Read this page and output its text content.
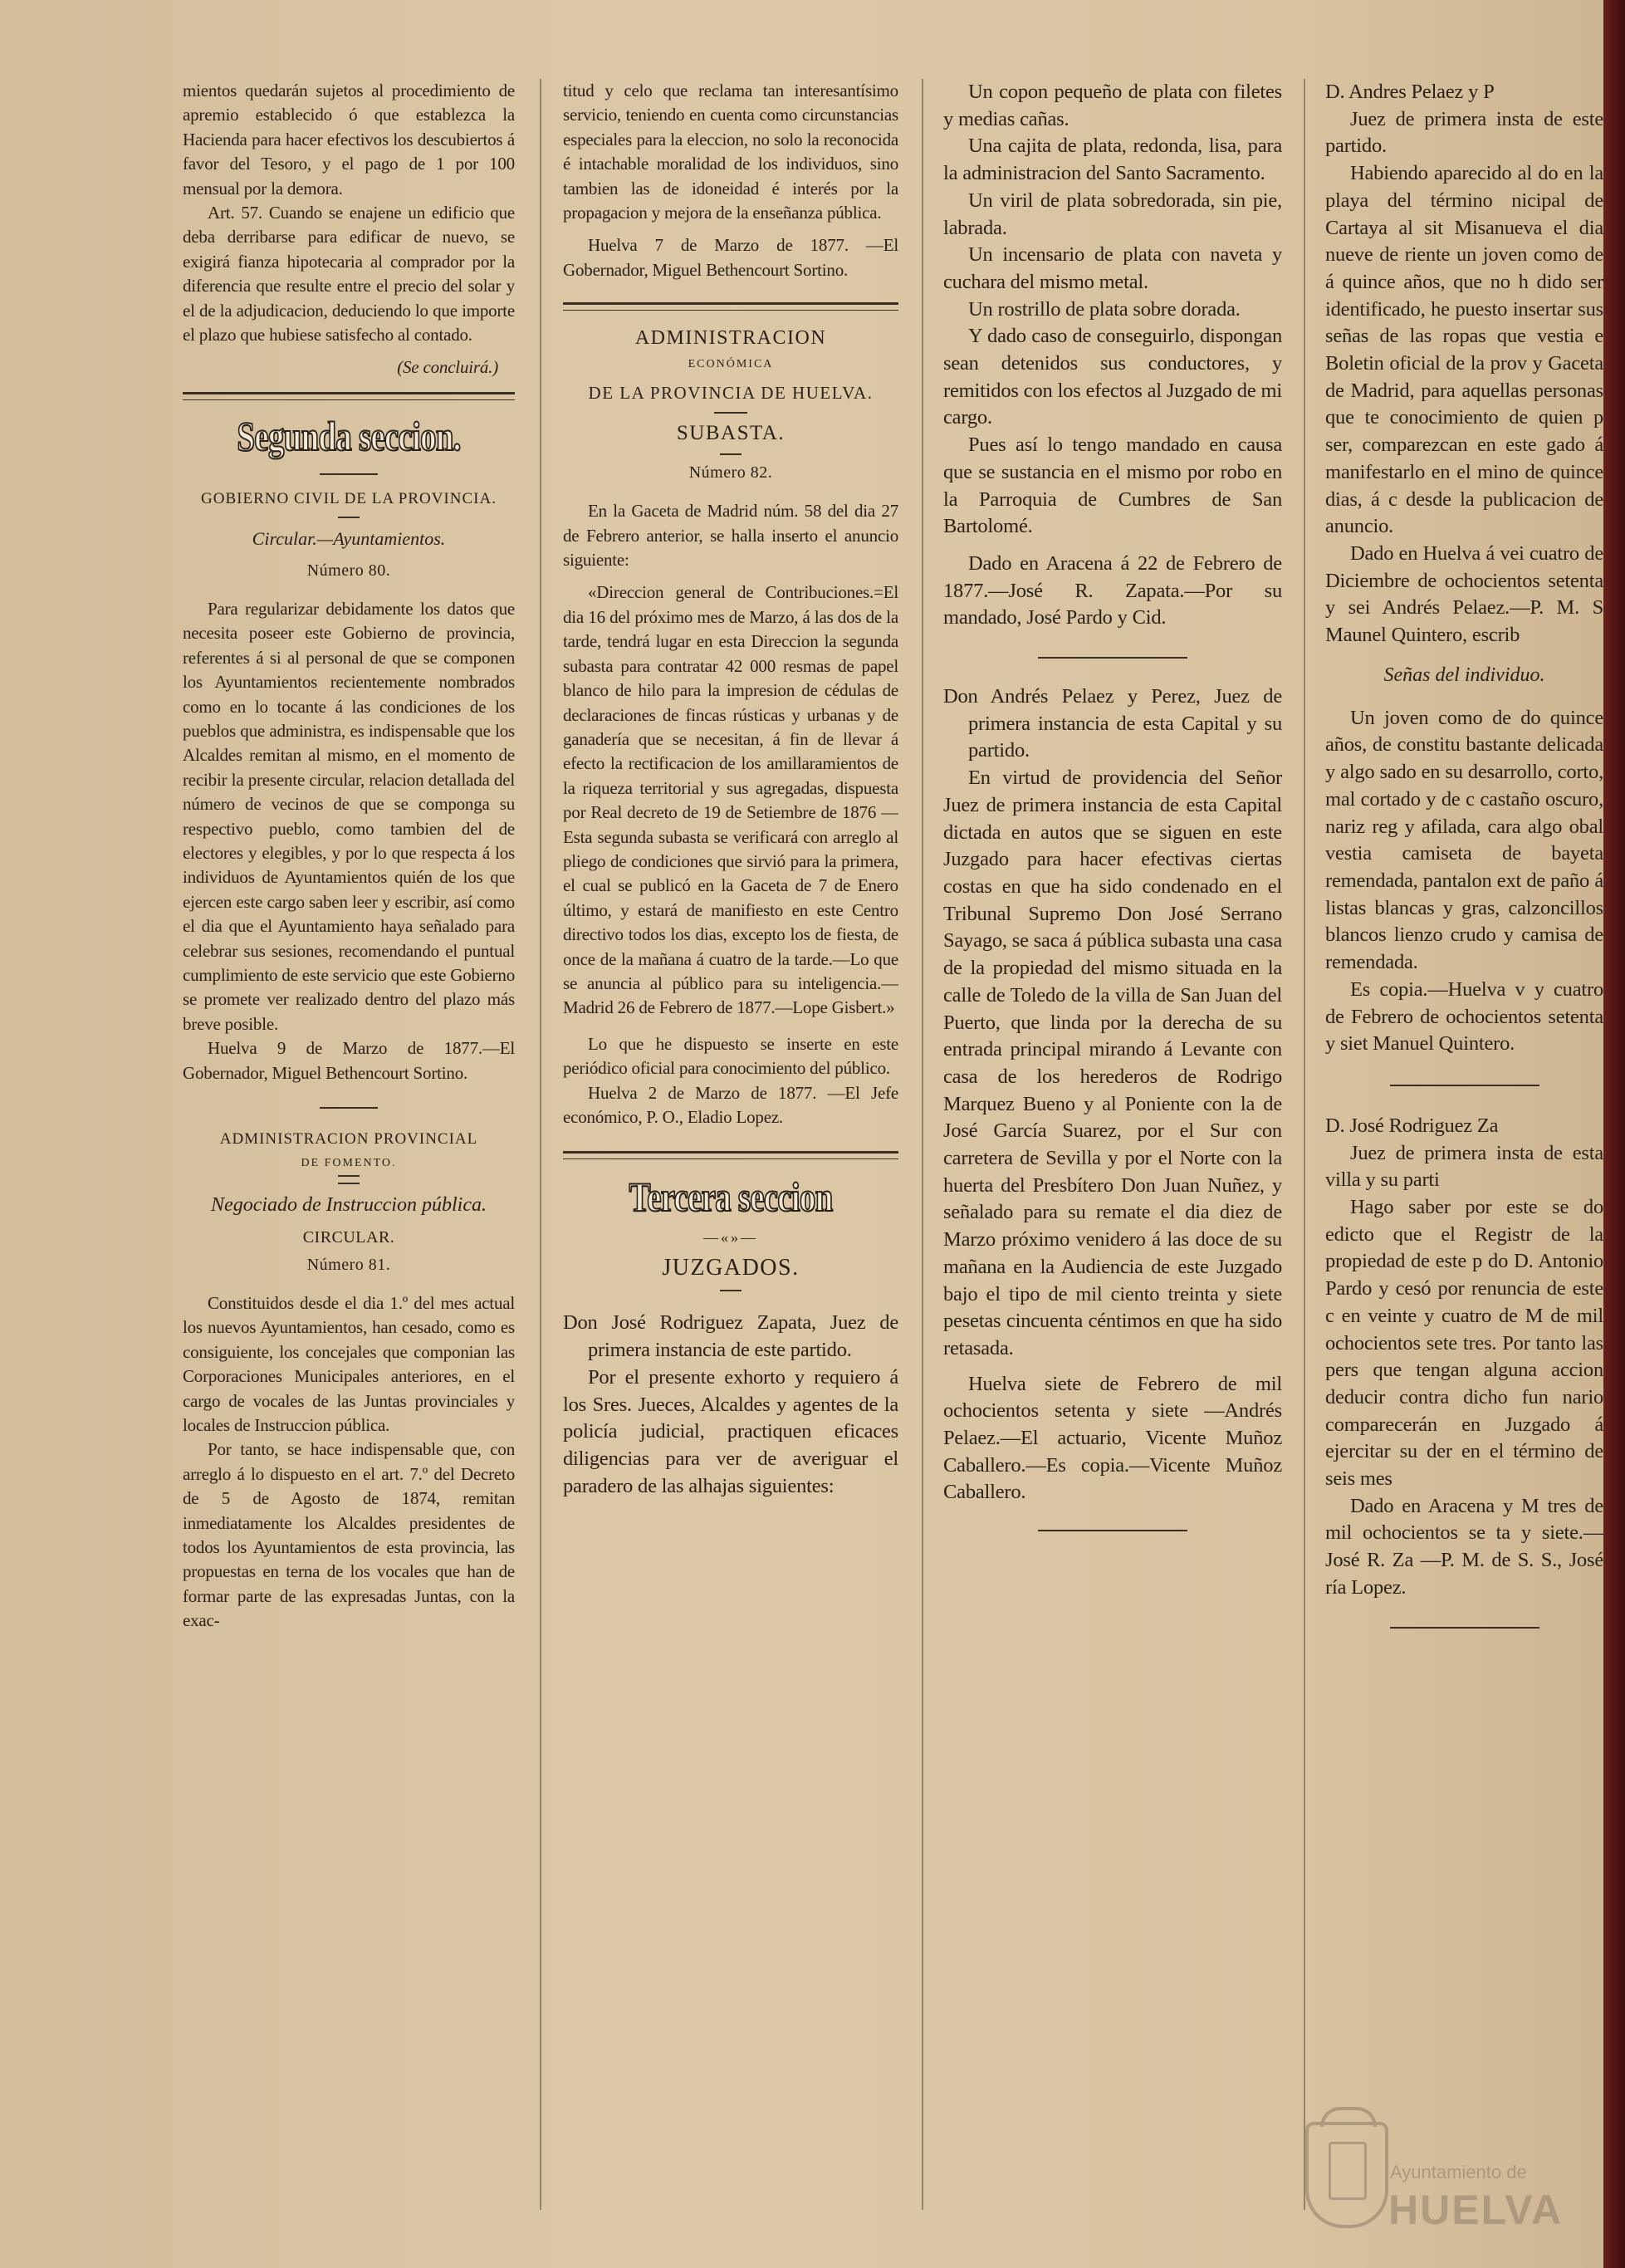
mientos quedarán sujetos al procedimiento de apremio establecido ó que establezca la Hacienda para hacer efectivos los descubiertos á favor del Tesoro, y el pago de 1 por 100 mensual por la demora.

Art. 57. Cuando se enajene un edificio que deba derribarse para edificar de nuevo, se exigirá fianza hipotecaria al comprador por la diferencia que resulte entre el precio del solar y el de la adjudicacion, deduciendo lo que importe el plazo que hubiese satisfecho al contado.

(Se concluirá.)

Segunda seccion.
GOBIERNO CIVIL DE LA PROVINCIA.
Circular.—Ayuntamientos.
Número 80.

Para regularizar debidamente los datos que necesita poseer este Gobierno de provincia, referentes á si al personal de que se componen los Ayuntamientos recientemente nombrados como en lo tocante á las condiciones de los pueblos que administra, es indispensable que los Alcaldes remitan al mismo, en el momento de recibir la presente circular, relacion detallada del número de vecinos de que se componga su respectivo pueblo, como tambien del de electores y elegibles, y por lo que respecta á los individuos de Ayuntamientos quién de los que ejercen este cargo saben leer y escribir, así como el dia que el Ayuntamiento haya señalado para celebrar sus sesiones, recomendando el puntual cumplimiento de este servicio que este Gobierno se promete ver realizado dentro del plazo más breve posible.

Huelva 9 de Marzo de 1877.—El Gobernador, Miguel Bethencourt Sortino.

ADMINISTRACION PROVINCIAL
DE FOMENTO.
Negociado de Instruccion pública.
CIRCULAR.
Número 81.

Constituidos desde el dia 1.º del mes actual los nuevos Ayuntamientos, han cesado, como es consiguiente, los concejales que componian las Corporaciones Municipales anteriores, en el cargo de vocales de las Juntas provinciales y locales de Instruccion pública.

Por tanto, se hace indispensable que, con arreglo á lo dispuesto en el art. 7.º del Decreto de 5 de Agosto de 1874, remitan inmediatamente los Alcaldes presidentes de todos los Ayuntamientos de esta provincia, las propuestas en terna de los vocales que han de formar parte de las expresadas Juntas, con la exac-

titud y celo que reclama tan interesantísimo servicio, teniendo en cuenta como circunstancias especiales para la eleccion, no solo la reconocida é intachable moralidad de los individuos, sino tambien las de idoneidad é interés por la propagacion y mejora de la enseñanza pública.

Huelva 7 de Marzo de 1877. —El Gobernador, Miguel Bethencourt Sortino.

ADMINISTRACION
ECONÓMICA
DE LA PROVINCIA DE HUELVA.
SUBASTA.
Número 82.

En la Gaceta de Madrid núm. 58 del dia 27 de Febrero anterior, se halla inserto el anuncio siguiente:

«Direccion general de Contribuciones.=El dia 16 del próximo mes de Marzo, á las dos de la tarde, tendrá lugar en esta Direccion la segunda subasta para contratar 42 000 resmas de papel blanco de hilo para la impresion de cédulas de declaraciones de fincas rústicas y urbanas y de ganadería que se necesitan, á fin de llevar á efecto la rectificacion de los amillaramientos de la riqueza territorial y sus agregadas, dispuesta por Real decreto de 19 de Setiembre de 1876 —Esta segunda subasta se verificará con arreglo al pliego de condiciones que sirvió para la primera, el cual se publicó en la Gaceta de 7 de Enero último, y estará de manifiesto en este Centro directivo todos los dias, excepto los de fiesta, de once de la mañana á cuatro de la tarde.—Lo que se anuncia al público para su inteligencia.—Madrid 26 de Febrero de 1877.—Lope Gisbert.»

Lo que he dispuesto se inserte en este periódico oficial para conocimiento del público.

Huelva 2 de Marzo de 1877. —El Jefe económico, P. O., Eladio Lopez.

Tercera seccion
—«»—
JUZGADOS.

Don José Rodriguez Zapata, Juez de primera instancia de este partido.

Por el presente exhorto y requiero á los Sres. Jueces, Alcaldes y agentes de la policía judicial, practiquen eficaces diligencias para ver de averiguar el paradero de las alhajas siguientes:

Un copon pequeño de plata con filetes y medias cañas.

Una cajita de plata, redonda, lisa, para la administracion del Santo Sacramento.

Un viril de plata sobredorada, sin pie, labrada.

Un incensario de plata con naveta y cuchara del mismo metal.

Un rostrillo de plata sobre dorada.

Y dado caso de conseguirlo, dispongan sean detenidos sus conductores, y remitidos con los efectos al Juzgado de mi cargo.

Pues así lo tengo mandado en causa que se sustancia en el mismo por robo en la Parroquia de Cumbres de San Bartolomé.

Dado en Aracena á 22 de Febrero de 1877.—José R. Zapata.—Por su mandado, José Pardo y Cid.

Don Andrés Pelaez y Perez, Juez de primera instancia de esta Capital y su partido.

En virtud de providencia del Señor Juez de primera instancia de esta Capital dictada en autos que se siguen en este Juzgado para hacer efectivas ciertas costas en que ha sido condenado en el Tribunal Supremo Don José Serrano Sayago, se saca á pública subasta una casa de la propiedad del mismo situada en la calle de Toledo de la villa de San Juan del Puerto, que linda por la derecha de su entrada principal mirando á Levante con casa de los herederos de Rodrigo Marquez Bueno y al Poniente con la de José García Suarez, por el Sur con carretera de Sevilla y por el Norte con la huerta del Presbítero Don Juan Nuñez, y señalado para su remate el dia diez de Marzo próximo venidero á las doce de su mañana en la Audiencia de este Juzgado bajo el tipo de mil ciento treinta y siete pesetas cincuenta céntimos en que ha sido retasada.

Huelva siete de Febrero de mil ochocientos setenta y siete —Andrés Pelaez.—El actuario, Vicente Muñoz Caballero.—Es copia.—Vicente Muñoz Caballero.

D. Andres Pelaez y P

Juez de primera insta de este partido.

Habiendo aparecido al do en la playa del término nicipal de Cartaya al sit Misanueva el dia nueve de riente un joven como de á quince años, que no h dido ser identificado, he puesto insertar sus señas de las ropas que vestia e Boletin oficial de la prov y Gaceta de Madrid, para aquellas personas que te conocimiento de quien p ser, comparezcan en este gado á manifestarlo en el mino de quince dias, á c desde la publicacion de anuncio.

Dado en Huelva á vei cuatro de Diciembre de ochocientos setenta y sei Andrés Pelaez.—P. M. S Maunel Quintero, escrib

Señas del individuo.

Un joven como de do quince años, de constitu bastante delicada y algo sado en su desarrollo, corto, mal cortado y de c castaño oscuro, nariz reg y afilada, cara algo obal vestia camiseta de bayeta remendada, pantalon ext de paño á listas blancas y gras, calzoncillos blancos lienzo crudo y camisa de remendada.

Es copia.—Huelva v y cuatro de Febrero de ochocientos setenta y siet Manuel Quintero.

D. José Rodriguez Za

Juez de primera insta de esta villa y su parti

Hago saber por este se do edicto que el Registr de la propiedad de este p do D. Antonio Pardo y cesó por renuncia de este c en veinte y cuatro de M de mil ochocientos sete tres. Por tanto las pers que tengan alguna accion deducir contra dicho fun nario comparecerán en Juzgado á ejercitar su der en el término de seis mes

Dado en Aracena y M tres de mil ochocientos se ta y siete.—José R. Za —P. M. de S. S., José ría Lopez.

Ayuntamiento de
HUELVA
